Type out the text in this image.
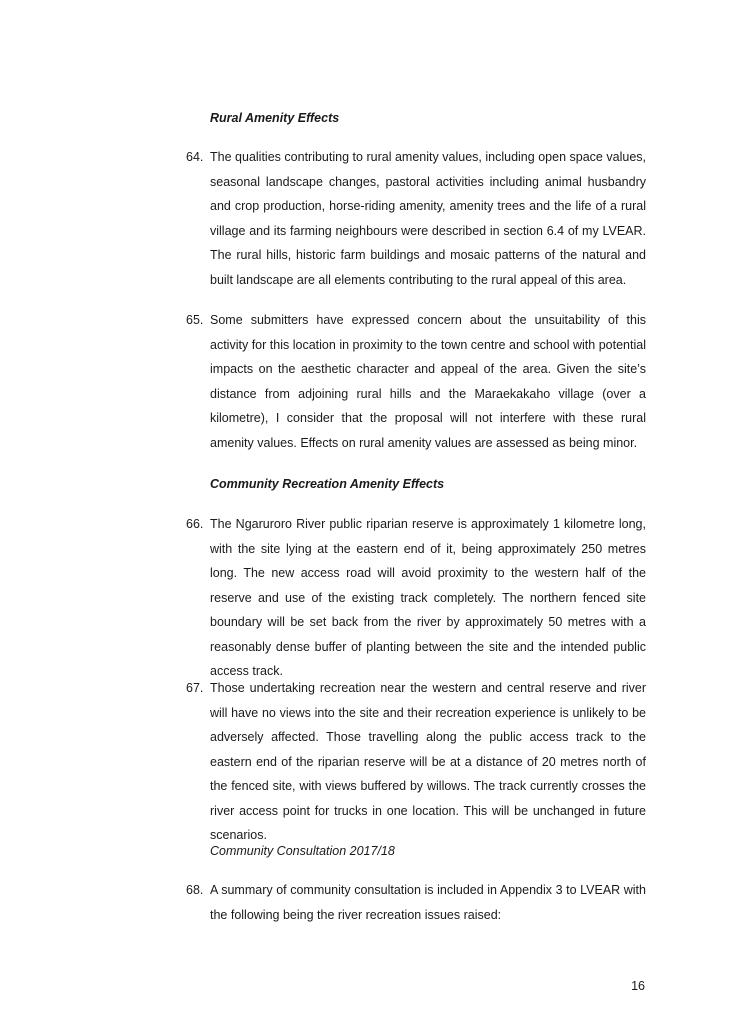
Rural Amenity Effects

64. The qualities contributing to rural amenity values, including open space values, seasonal landscape changes, pastoral activities including animal husbandry and crop production, horse-riding amenity, amenity trees and the life of a rural village and its farming neighbours were described in section 6.4 of my LVEAR. The rural hills, historic farm buildings and mosaic patterns of the natural and built landscape are all elements contributing to the rural appeal of this area.
65. Some submitters have expressed concern about the unsuitability of this activity for this location in proximity to the town centre and school with potential impacts on the aesthetic character and appeal of the area. Given the site’s distance from adjoining rural hills and the Maraekakaho village (over a kilometre), I consider that the proposal will not interfere with these rural amenity values. Effects on rural amenity values are assessed as being minor.

Community Recreation Amenity Effects

66. The Ngaruroro River public riparian reserve is approximately 1 kilometre long, with the site lying at the eastern end of it, being approximately 250 metres long. The new access road will avoid proximity to the western half of the reserve and use of the existing track completely. The northern fenced site boundary will be set back from the river by approximately 50 metres with a reasonably dense buffer of planting between the site and the intended public access track.
67. Those undertaking recreation near the western and central reserve and river will have no views into the site and their recreation experience is unlikely to be adversely affected. Those travelling along the public access track to the eastern end of the riparian reserve will be at a distance of 20 metres north of the fenced site, with views buffered by willows. The track currently crosses the river access point for trucks in one location. This will be unchanged in future scenarios.

Community Consultation 2017/18

68. A summary of community consultation is included in Appendix 3 to LVEAR with the following being the river recreation issues raised:
16
